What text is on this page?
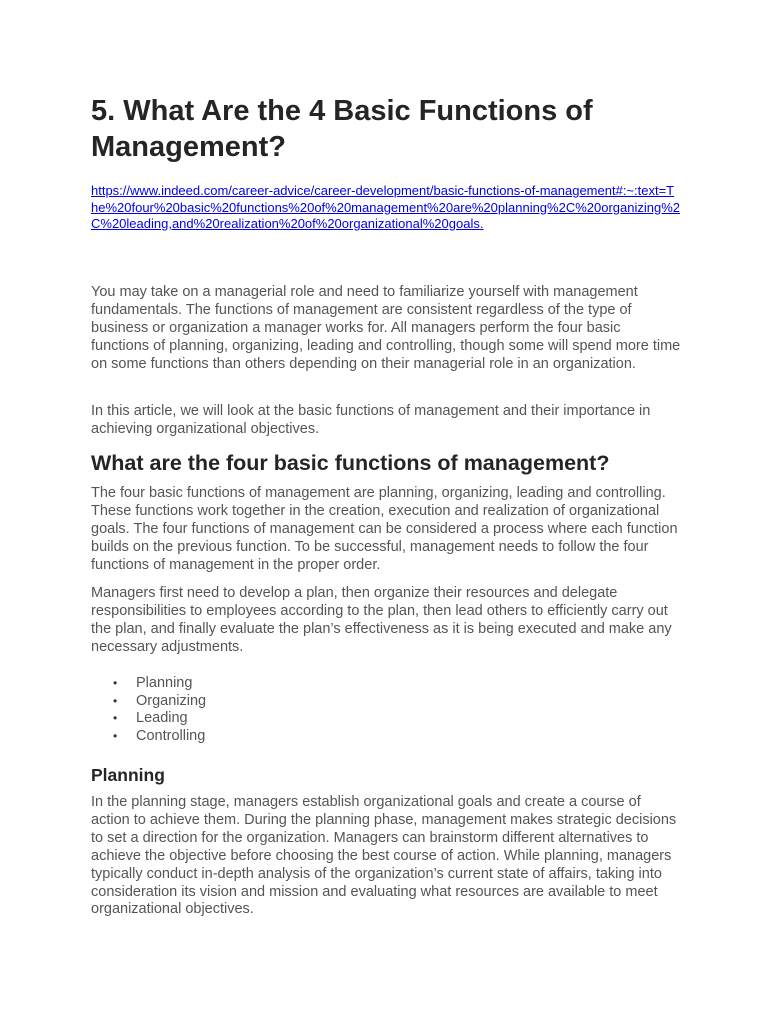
5. What Are the 4 Basic Functions of Management?
https://www.indeed.com/career-advice/career-development/basic-functions-of-management#:~:text=The%20four%20basic%20functions%20of%20management%20are%20planning%2C%20organizing%2C%20leading,and%20realization%20of%20organizational%20goals.

You may take on a managerial role and need to familiarize yourself with management fundamentals. The functions of management are consistent regardless of the type of business or organization a manager works for. All managers perform the four basic functions of planning, organizing, leading and controlling, though some will spend more time on some functions than others depending on their managerial role in an organization.

In this article, we will look at the basic functions of management and their importance in achieving organizational objectives.

What are the four basic functions of management?

The four basic functions of management are planning, organizing, leading and controlling. These functions work together in the creation, execution and realization of organizational goals. The four functions of management can be considered a process where each function builds on the previous function. To be successful, management needs to follow the four functions of management in the proper order.

Managers first need to develop a plan, then organize their resources and delegate responsibilities to employees according to the plan, then lead others to efficiently carry out the plan, and finally evaluate the plan’s effectiveness as it is being executed and make any necessary adjustments.

• Planning
• Organizing
• Leading
• Controlling
Planning

In the planning stage, managers establish organizational goals and create a course of action to achieve them. During the planning phase, management makes strategic decisions to set a direction for the organization. Managers can brainstorm different alternatives to achieve the objective before choosing the best course of action. While planning, managers typically conduct in-depth analysis of the organization’s current state of affairs, taking into consideration its vision and mission and evaluating what resources are available to meet organizational objectives.
